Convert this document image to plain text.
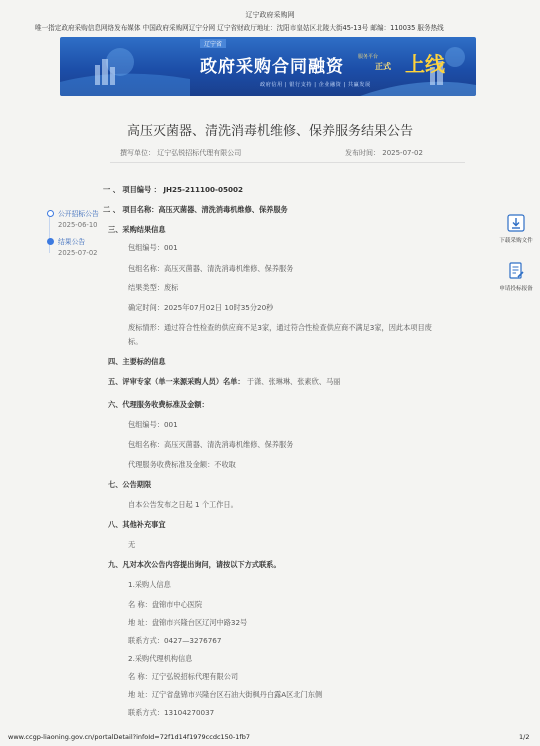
辽宁政府采购网
唯一指定政府采购信息网络发布媒体 中国政府采购网辽宁分网 辽宁省财政厅地址：沈阳市皇姑区北陵大街45-13号 邮编：110035 服务热线
辽宁省
政府采购合同融资	服务平台
正式 上线
政府信用 | 银行支持 | 企业融资 | 共赢发展
高压灭菌器、清洗消毒机维修、保养服务结果公告
撰写单位： 辽宁弘锐招标代理有限公司	发布时间： 2025-07-02
公开招标公告
2025-06-10
结果公告
2025-07-02
下载采购文件
申请投标报备
一 、 项目编号 ： JH25-211100-05002
二 、 项目名称：高压灭菌器、清洗消毒机维修、保养服务
三、采购结果信息
包组编号：001
包组名称：高压灭菌器、清洗消毒机维修、保养服务
结果类型：废标
确定时间：2025年07月02日 10时35分20秒
废标情形：通过符合性检查的供应商不足3家，通过符合性检查供应商不满足3家，因此本项目废
标。
四、主要标的信息
五、评审专家（单一来源采购人员）名单： 于潇、张琳琳、张素欣、马丽
六、代理服务收费标准及金额：
包组编号：001
包组名称：高压灭菌器、清洗消毒机维修、保养服务
代理服务收费标准及金额：不收取
七、公告期限
自本公告发布之日起 1 个工作日。
八、其他补充事宜
无
九、凡对本次公告内容提出询问，请按以下方式联系。
1.采购人信息
名 称：盘锦市中心医院
地 址：盘锦市兴隆台区辽河中路32号
联系方式：0427—3276767
2.采购代理机构信息
名 称：辽宁弘锐招标代理有限公司
地 址：辽宁省盘锦市兴隆台区石油大街枫丹白露A区北门东侧
联系方式：13104270037
www.ccgp-liaoning.gov.cn/portalDetail?infoId=72f1d14f1979ccdc150-1fb7	1/2
